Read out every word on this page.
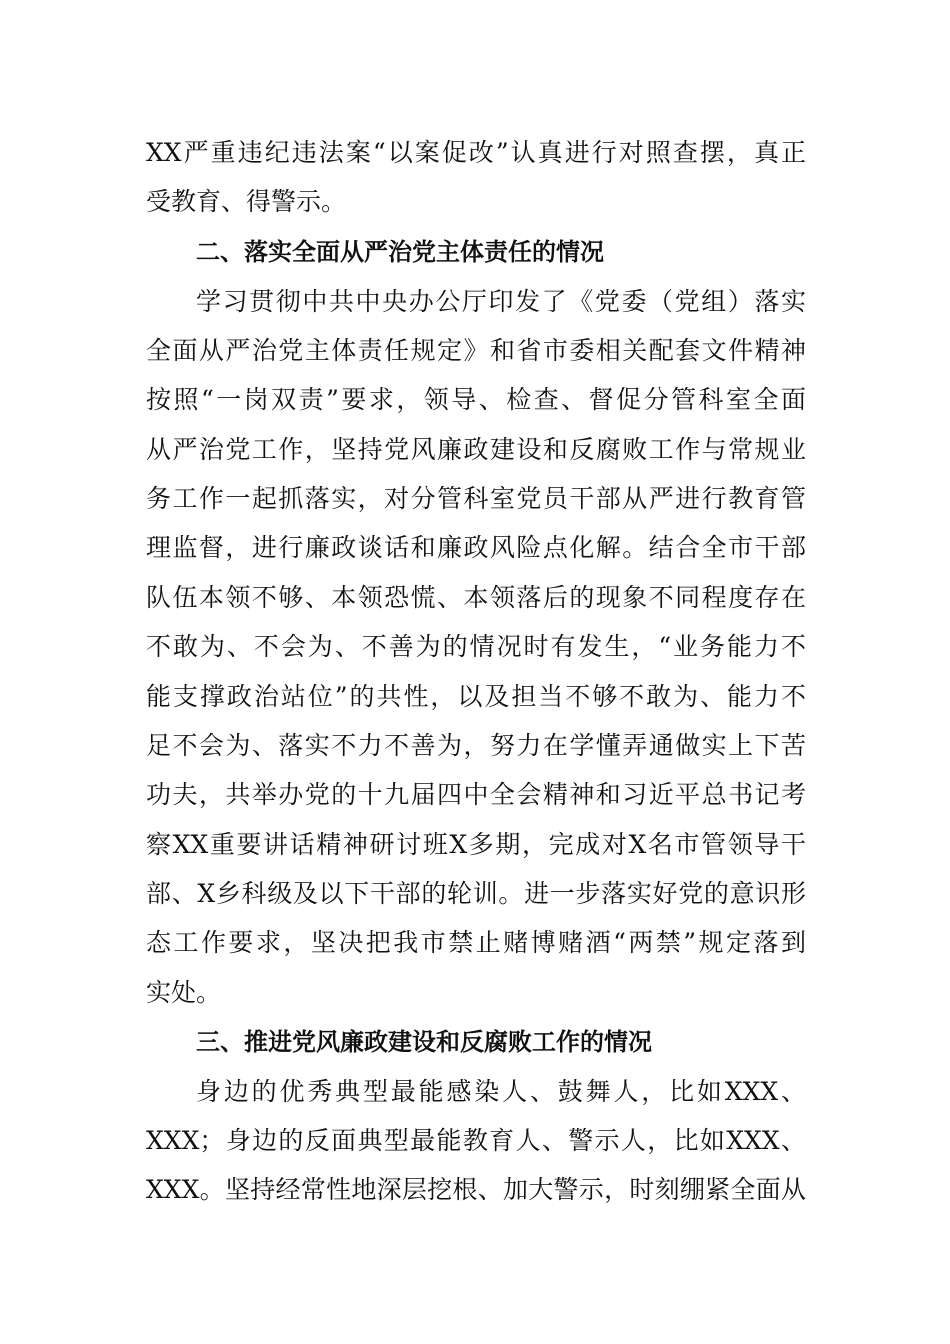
XX严重违纪违法案“以案促改”认真进行对照查摆，真正
受教育、得警示。
二、落实全面从严治党主体责任的情况
学习贯彻中共中央办公厅印发了《党委（党组）落实
全面从严治党主体责任规定》和省市委相关配套文件精神
按照“一岗双责”要求，领导、检查、督促分管科室全面
从严治党工作，坚持党风廉政建设和反腐败工作与常规业
务工作一起抓落实，对分管科室党员干部从严进行教育管
理监督，进行廉政谈话和廉政风险点化解。结合全市干部
队伍本领不够、本领恐慌、本领落后的现象不同程度存在
不敢为、不会为、不善为的情况时有发生，“业务能力不
能支撑政治站位”的共性，以及担当不够不敢为、能力不
足不会为、落实不力不善为，努力在学懂弄通做实上下苦
功夫，共举办党的十九届四中全会精神和习近平总书记考
察XX重要讲话精神研讨班X多期，完成对X名市管领导干
部、X乡科级及以下干部的轮训。进一步落实好党的意识形
态工作要求，坚决把我市禁止赌博赌酒“两禁”规定落到
实处。
三、推进党风廉政建设和反腐败工作的情况
身边的优秀典型最能感染人、鼓舞人，比如XXX、
XXX；身边的反面典型最能教育人、警示人，比如XXX、
XXX。坚持经常性地深层挖根、加大警示，时刻绷紧全面从
